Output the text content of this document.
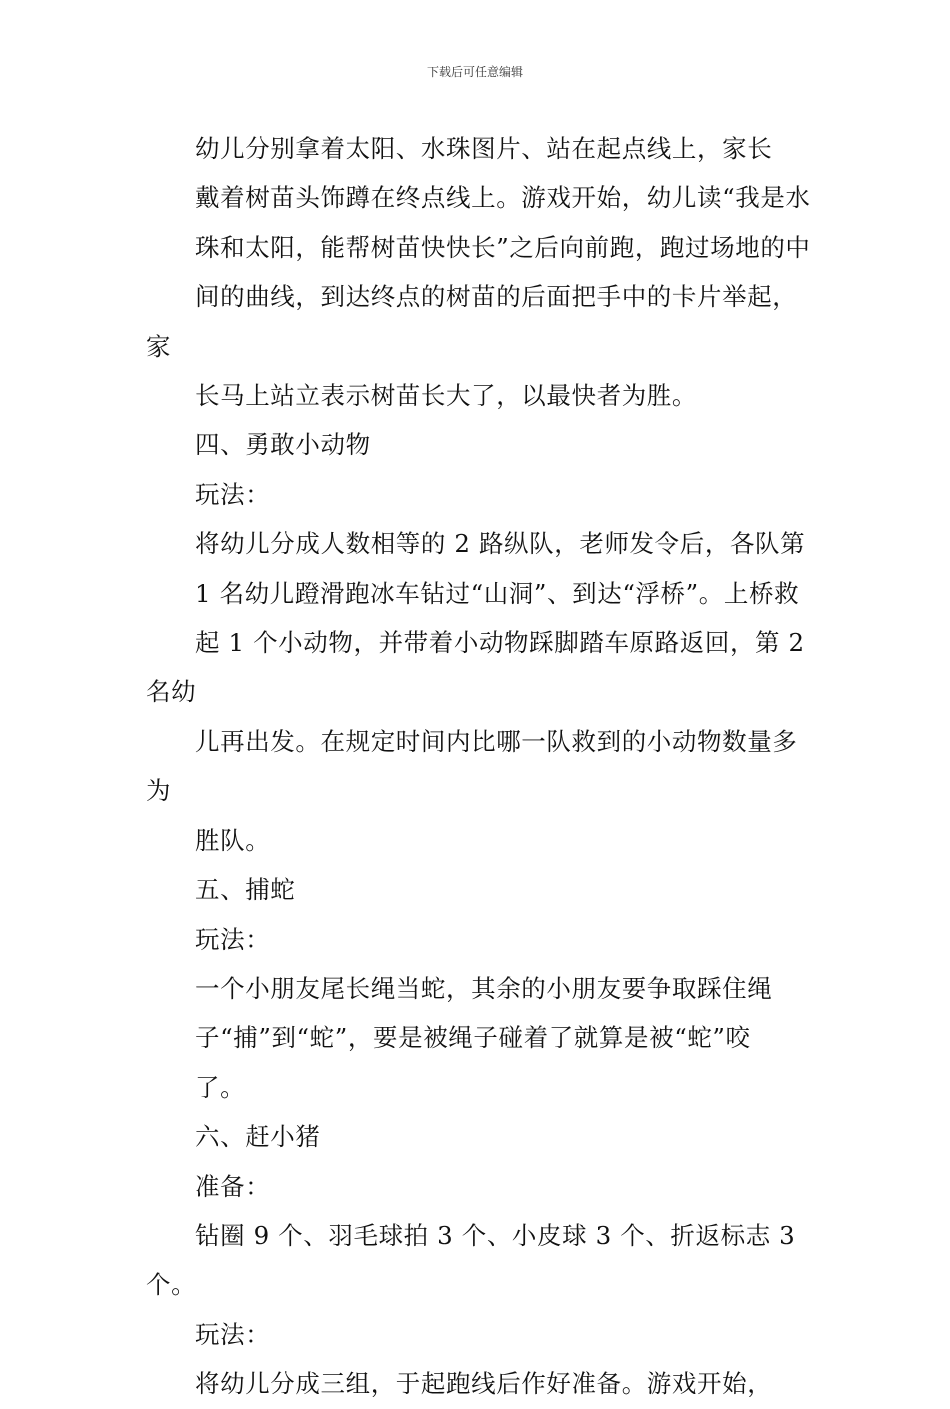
下载后可任意编辑

幼儿分别拿着太阳、水珠图片、站在起点线上，家长
戴着树苗头饰蹲在终点线上。游戏开始，幼儿读“我是水
珠和太阳，能帮树苗快快长”之后向前跑，跑过场地的中
间的曲线，到达终点的树苗的后面把手中的卡片举起，家
长马上站立表示树苗长大了，以最快者为胜。

四、勇敢小动物

玩法：

将幼儿分成人数相等的 2 路纵队，老师发令后，各队第
1 名幼儿蹬滑跑冰车钻过“山洞”、到达“浮桥”。上桥救
起 1 个小动物，并带着小动物踩脚踏车原路返回，第 2 名幼
儿再出发。在规定时间内比哪一队救到的小动物数量多为
胜队。

五、捕蛇

玩法：

一个小朋友尾长绳当蛇，其余的小朋友要争取踩住绳
子“捕”到“蛇”，要是被绳子碰着了就算是被“蛇”咬
了。

六、赶小猪

准备：

钻圈 9 个、羽毛球拍 3 个、小皮球 3 个、折返标志 3 个。

玩法：

将幼儿分成三组，于起跑线后作好准备。游戏开始，
